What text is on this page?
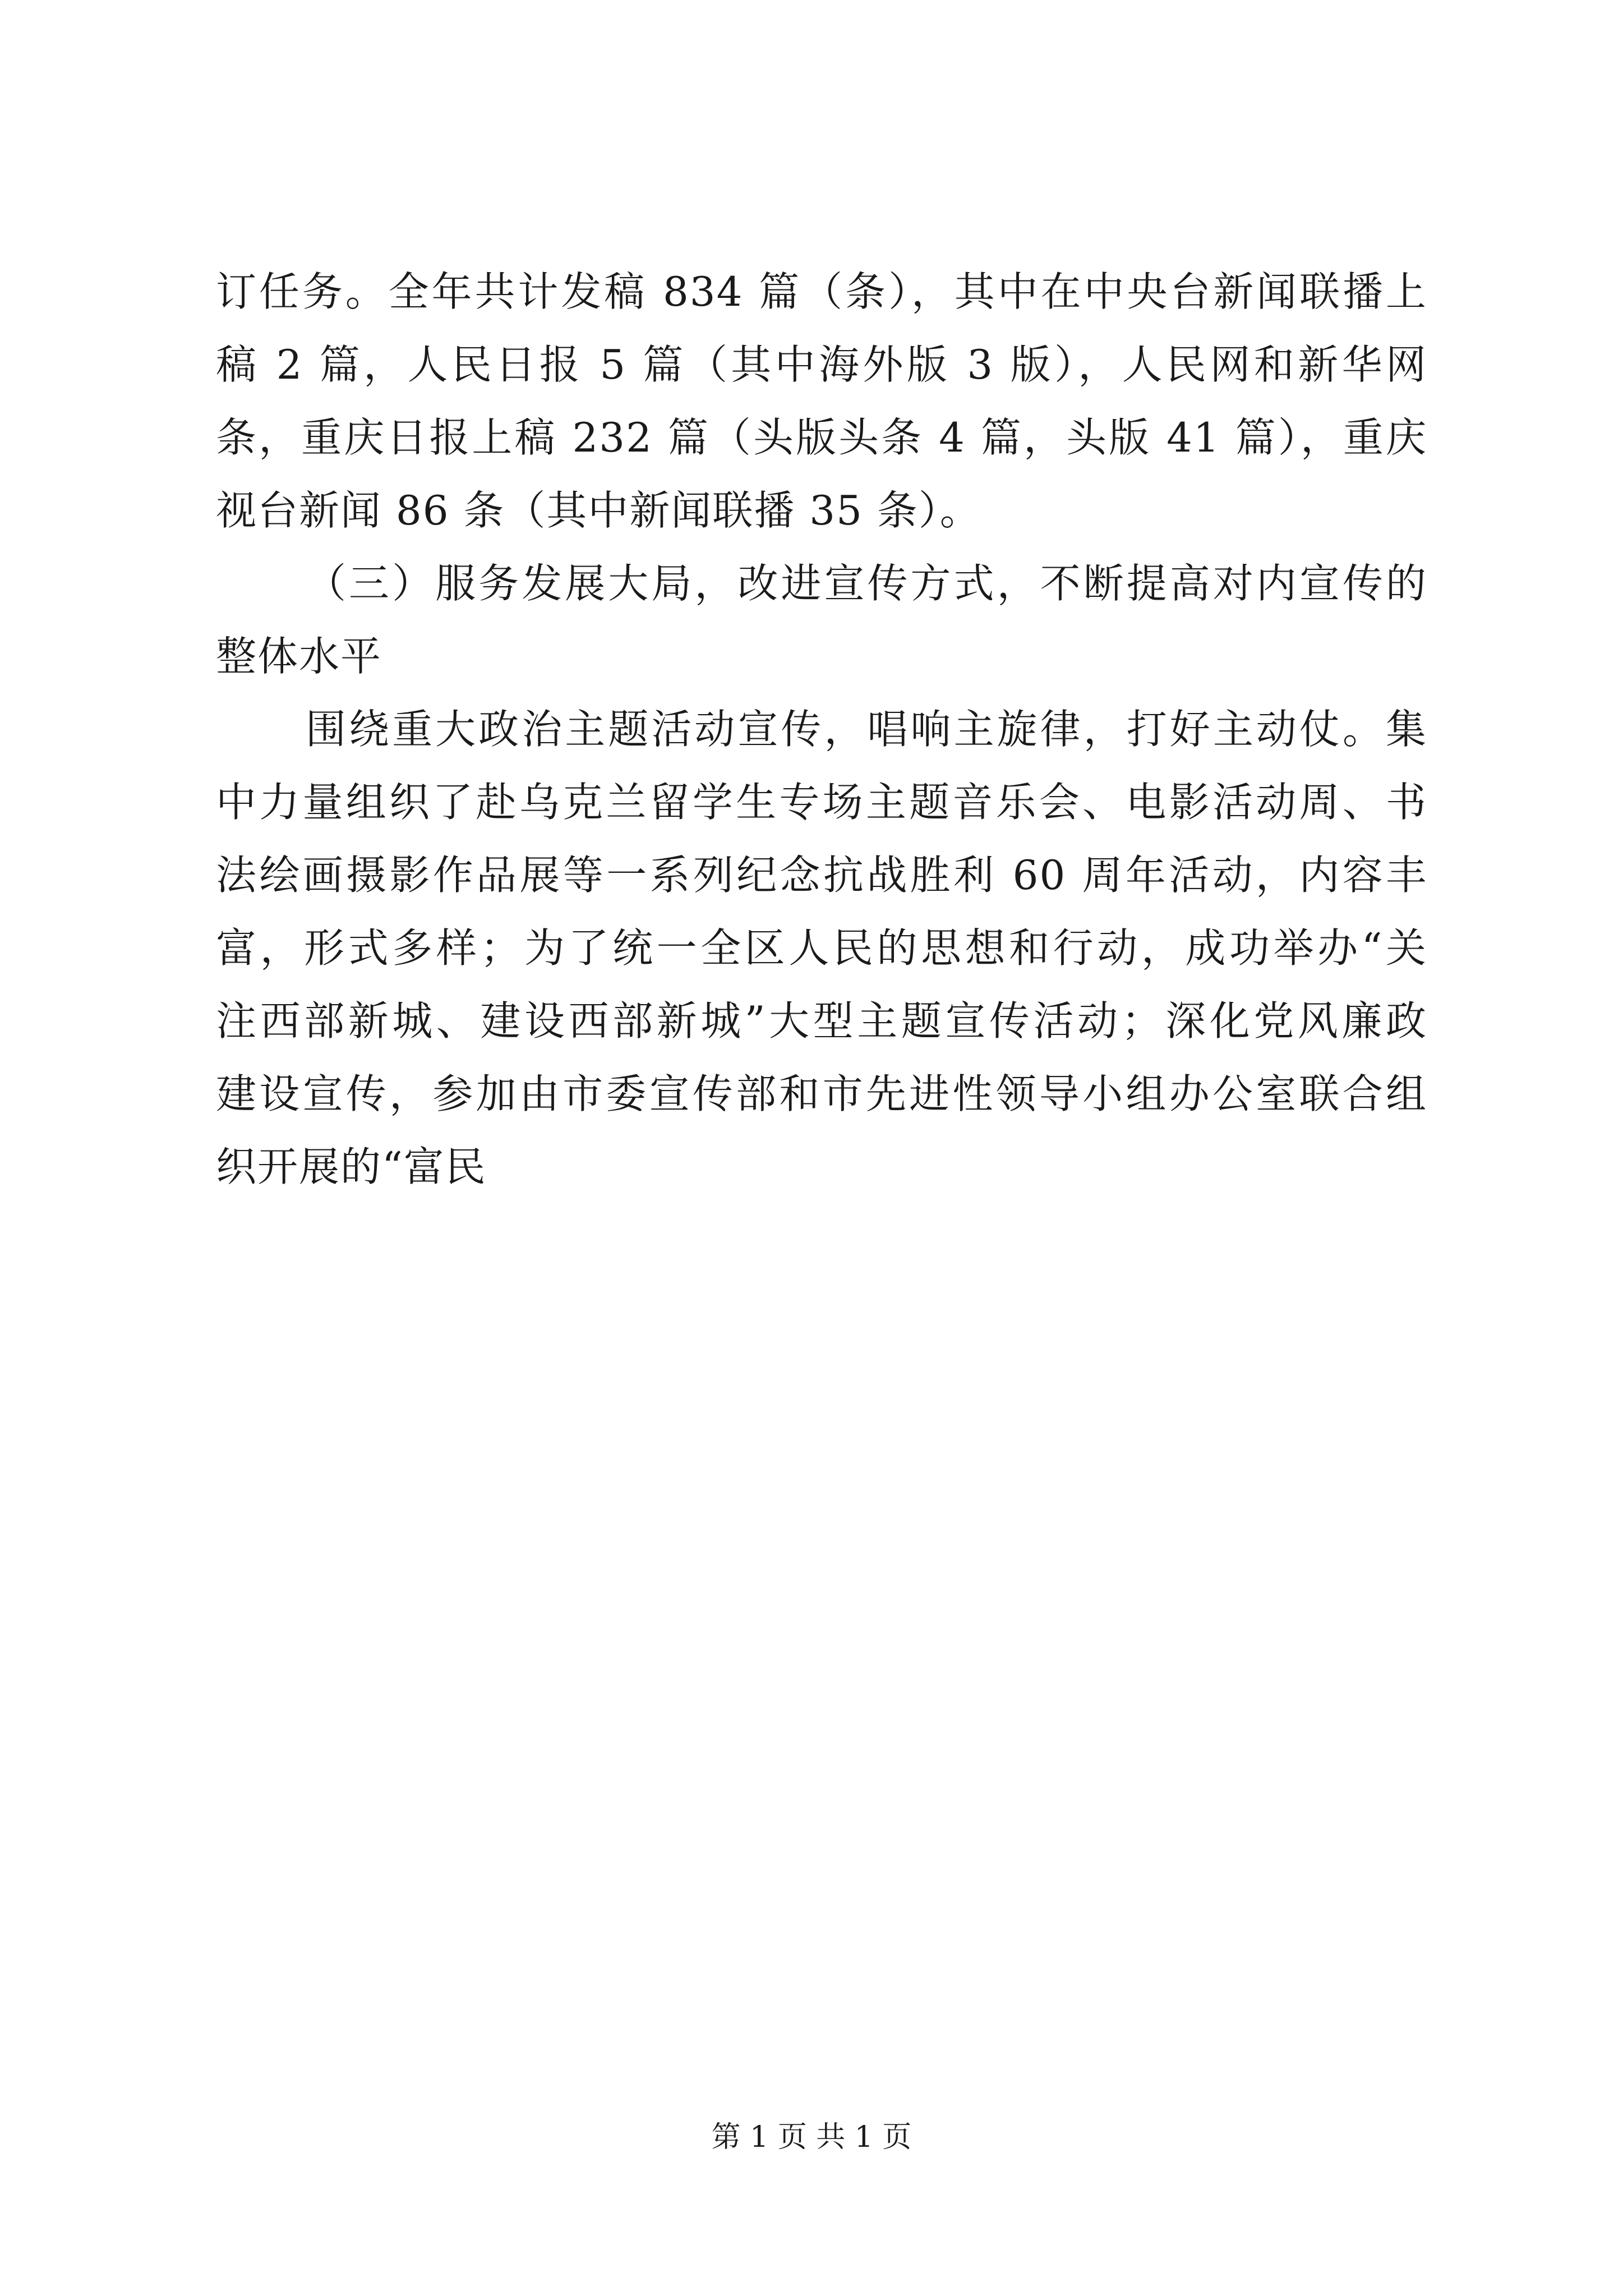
订任务。全年共计发稿 834 篇（条），其中在中央台新闻联播上
稿 2 篇，人民日报 5 篇（其中海外版 3 版），人民网和新华网
条，重庆日报上稿 232 篇（头版头条 4 篇，头版 41 篇），重庆
视台新闻 86 条（其中新闻联播 35 条）。
（三）服务发展大局，改进宣传方式，不断提高对内宣传的
整体水平
围绕重大政治主题活动宣传，唱响主旋律，打好主动仗。集
中力量组织了赴乌克兰留学生专场主题音乐会、电影活动周、书
法绘画摄影作品展等一系列纪念抗战胜利 60 周年活动，内容丰
富，形式多样；为了统一全区人民的思想和行动，成功举办“关
注西部新城、建设西部新城”大型主题宣传活动；深化党风廉政
建设宣传，参加由市委宣传部和市先进性领导小组办公室联合组
织开展的“富民
第 1 页 共 1 页
